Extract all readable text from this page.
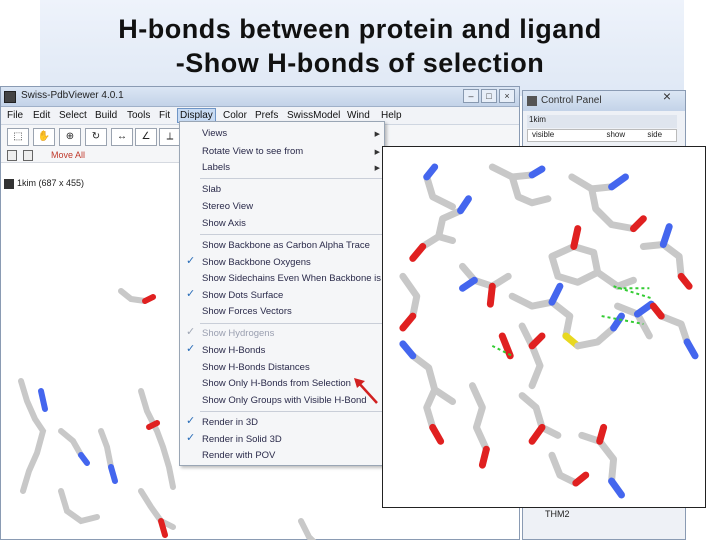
H-bonds between protein and ligand
-Show H-bonds of selection
Swiss-PdbViewer 4.0.1	–	□	×
File Edit Select Build Tools Fit Display	Color Prefs SwissModel Wind Help
⬚	✋	⊕	↻	↔	∠	⟂
Move All
1kim (687 x 455)
Views	▶
Rotate View to see from	▶
Labels	▶
Slab
Stereo View
Show Axis
Show Backbone as Carbon Alpha Trace
✓ Show Backbone Oxygens
Show Sidechains Even When Backbone is H
✓ Show Dots Surface
Show Forces Vectors
✓ Show Hydrogens
✓ Show H-Bonds
Show H-Bonds Distances
Show Only H-Bonds from Selection
Show Only Groups with Visible H-Bond
✓ Render in 3D
✓ Render in Solid 3D
Render with POV
Control Panel
1kim
visible	show	side
THM2
×
